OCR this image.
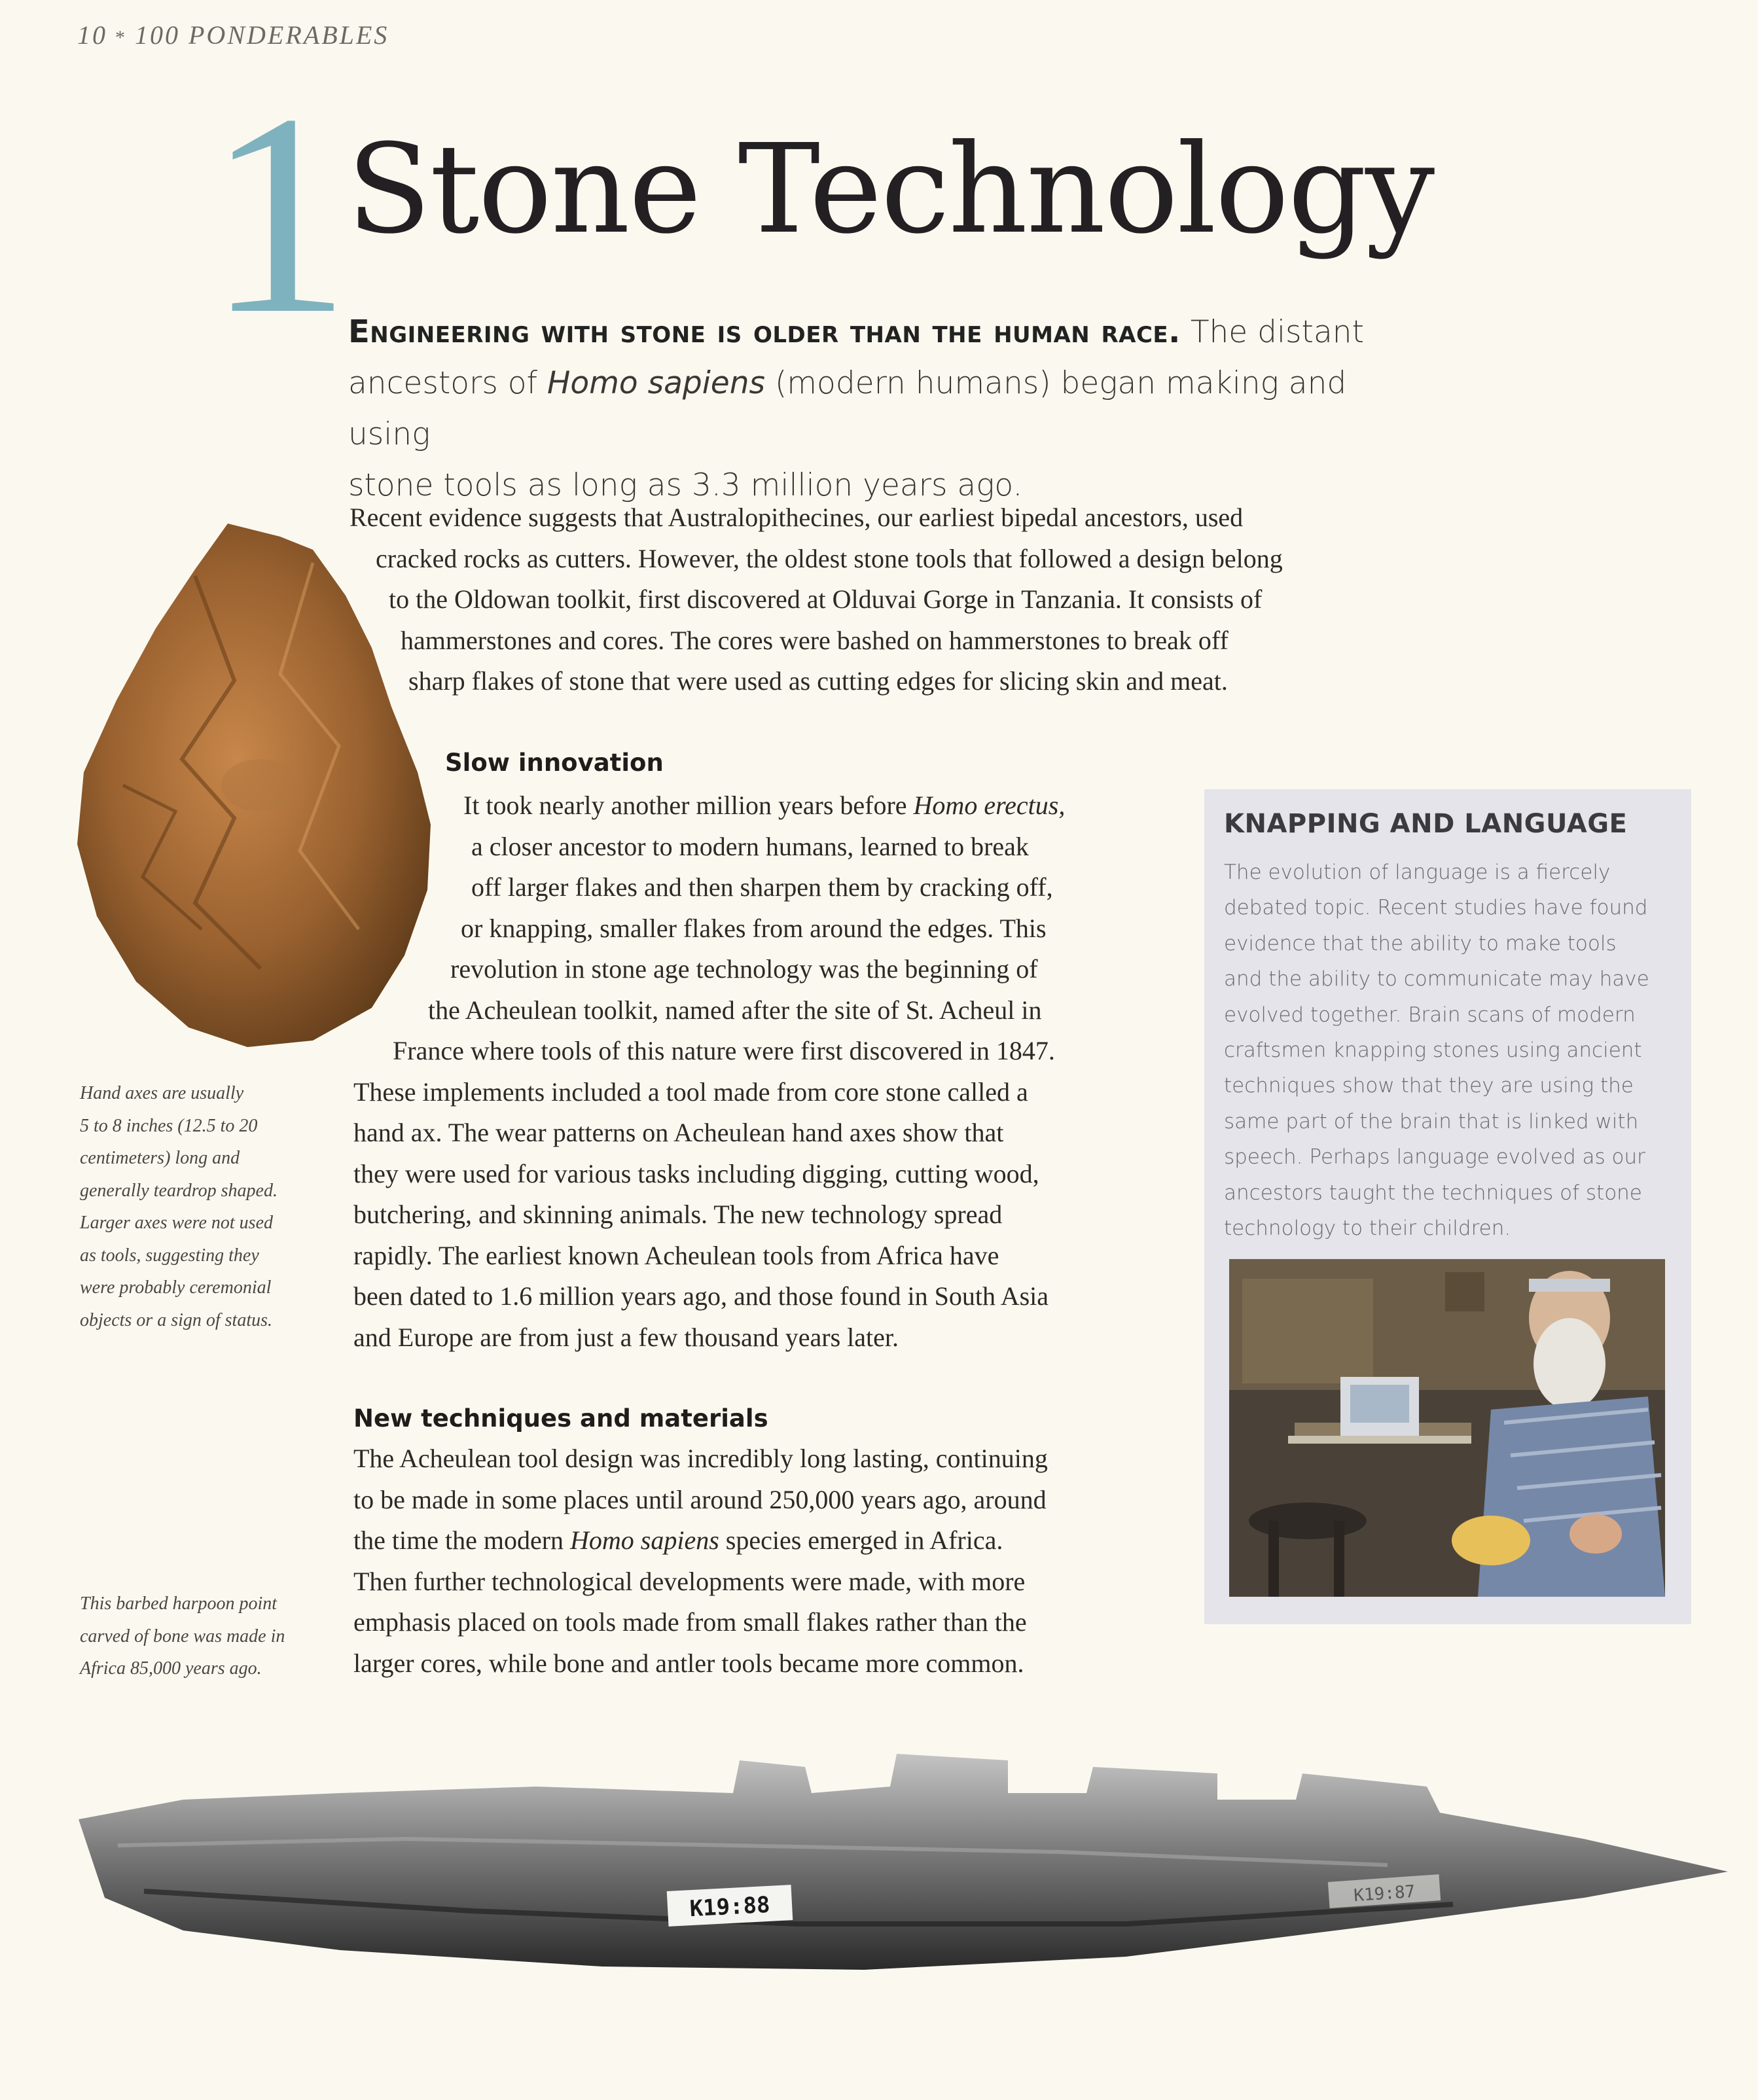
10 * 100 PONDERABLES
1
Stone Technology
Engineering with stone is older than the human race. The distant
ancestors of Homo sapiens (modern humans) began making and using
stone tools as long as 3.3 million years ago.
Recent evidence suggests that Australopithecines, our earliest bipedal ancestors, used
cracked rocks as cutters. However, the oldest stone tools that followed a design belong
to the Oldowan toolkit, first discovered at Olduvai Gorge in Tanzania. It consists of
hammerstones and cores. The cores were bashed on hammerstones to break off
sharp flakes of stone that were used as cutting edges for slicing skin and meat.
Slow innovation
It took nearly another million years before Homo erectus,
a closer ancestor to modern humans, learned to break
off larger flakes and then sharpen them by cracking off,
or knapping, smaller flakes from around the edges. This
revolution in stone age technology was the beginning of
the Acheulean toolkit, named after the site of St. Acheul in
France where tools of this nature were first discovered in 1847.
These implements included a tool made from core stone called a
hand ax. The wear patterns on Acheulean hand axes show that
they were used for various tasks including digging, cutting wood,
butchering, and skinning animals. The new technology spread
rapidly. The earliest known Acheulean tools from Africa have
been dated to 1.6 million years ago, and those found in South Asia
and Europe are from just a few thousand years later.
New techniques and materials
The Acheulean tool design was incredibly long lasting, continuing
to be made in some places until around 250,000 years ago, around
the time the modern Homo sapiens species emerged in Africa.
Then further technological developments were made, with more
emphasis placed on tools made from small flakes rather than the
larger cores, while bone and antler tools became more common.
Hand axes are usually
5 to 8 inches (12.5 to 20
centimeters) long and
generally teardrop shaped.
Larger axes were not used
as tools, suggesting they
were probably ceremonial
objects or a sign of status.
This barbed harpoon point
carved of bone was made in
Africa 85,000 years ago.
KNAPPING AND LANGUAGE
The evolution of language is a fiercely
debated topic. Recent studies have found
evidence that the ability to make tools
and the ability to communicate may have
evolved together. Brain scans of modern
craftsmen knapping stones using ancient
techniques show that they are using the
same part of the brain that is linked with
speech. Perhaps language evolved as our
ancestors taught the techniques of stone
technology to their children.
K19:88	K19:87
